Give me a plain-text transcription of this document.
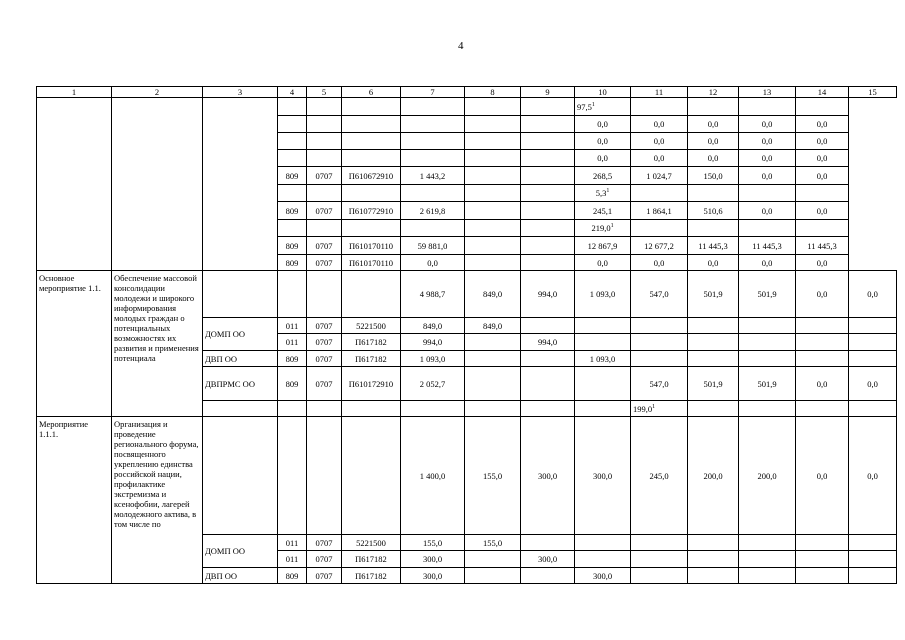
4
1	2	3	4	5	6	7	8	9	10	11	12	13	14	15
									97,5$^1$				
									0,0	0,0	0,0	0,0	0,0	
									0,0	0,0	0,0	0,0	0,0	
									0,0	0,0	0,0	0,0	0,0	
			809	0707	П610672910	1 443,2			268,5	1 024,7	150,0	0,0	0,0	
									$5,3^1$				
			809	0707	П610772910	2 619,8			245,1	1 864,1	510,6	0,0	0,0	
									219,0$^1$				
			809	0707	П610170110	59 881,0			12 867,9	12 677,2	11 445,3	11 445,3	11 445,3	
			809	0707	П610170110	0,0			0,0	0,0	0,0	0,0	0,0	
Основное мероприятие 1.1.	Обеспечение массовой консолидации молодежи и широкого информирования молодых граждан о потенциальных возможностях их развития и применения потенциала					4 988,7	849,0	994,0	1 093,0	547,0	501,9	501,9	0,0	0,0
		ДОМП ОО	011	0707	5221500	849,0	849,0							
			011	0707	П617182	994,0		994,0						
		ДВП ОО	809	0707	П617182	1 093,0			1 093,0					
		ДВПРМС ОО	809	0707	П610172910	2 052,7				547,0	501,9	501,9	0,0	0,0
										199,0$^1$				
Мероприятие 1.1.1.	Организация и проведение регионального форума, посвященного укреплению единства российской нации, профилактике экстремизма и ксенофобии, лагерей молодежного актива, в том числе по					1 400,0	155,0	300,0	300,0	245,0	200,0	200,0	0,0	0,0
		ДОМП ОО	011	0707	5221500	155,0	155,0							
			011	0707	П617182	300,0		300,0						
		ДВП ОО	809	0707	П617182	300,0			300,0					
